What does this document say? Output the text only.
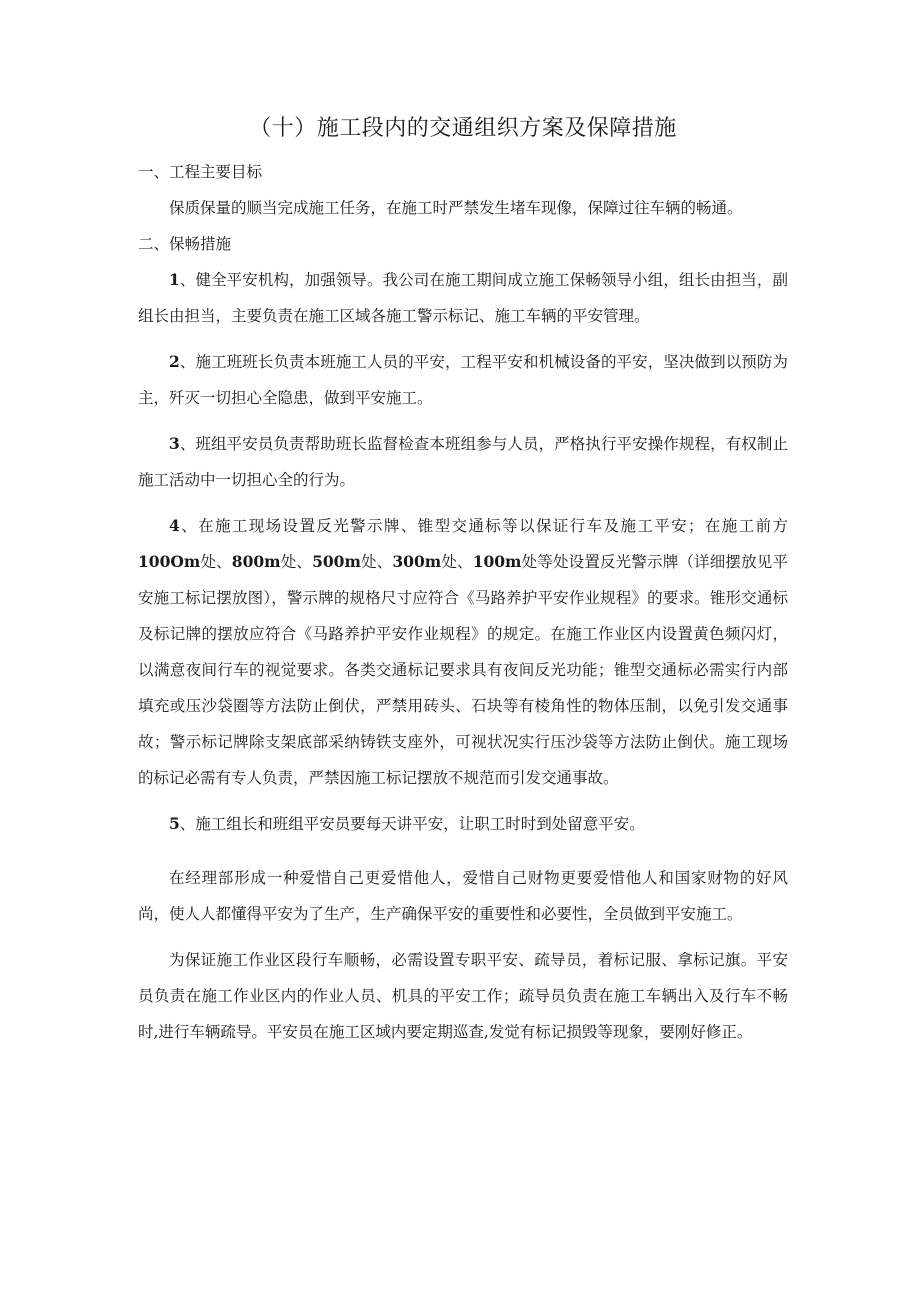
（十）施工段内的交通组织方案及保障措施

一、工程主要目标

保质保量的顺当完成施工任务，在施工时严禁发生堵车现像，保障过往车辆的畅通。

二、保畅措施

1、健全平安机构，加强领导。我公司在施工期间成立施工保畅领导小组，组长由担当，副组长由担当，主要负责在施工区域各施工警示标记、施工车辆的平安管理。

2、施工班班长负责本班施工人员的平安，工程平安和机械设备的平安，坚决做到以预防为主，歼灭一切担心全隐患，做到平安施工。

3、班组平安员负责帮助班长监督检查本班组参与人员，严格执行平安操作规程，有权制止施工活动中一切担心全的行为。

4、在施工现场设置反光警示牌、锥型交通标等以保证行车及施工平安；在施工前方100Om处、800m处、500m处、300m处、100m处等处设置反光警示牌（详细摆放见平安施工标记摆放图），警示牌的规格尺寸应符合《马路养护平安作业规程》的要求。锥形交通标及标记牌的摆放应符合《马路养护平安作业规程》的规定。在施工作业区内设置黄色频闪灯，以满意夜间行车的视觉要求。各类交通标记要求具有夜间反光功能；锥型交通标必需实行内部填充或压沙袋圈等方法防止倒伏，严禁用砖头、石块等有棱角性的物体压制，以免引发交通事故；警示标记牌除支架底部采纳铸铁支座外，可视状况实行压沙袋等方法防止倒伏。施工现场的标记必需有专人负责，严禁因施工标记摆放不规范而引发交通事故。

5、施工组长和班组平安员要每天讲平安，让职工时时到处留意平安。

在经理部形成一种爱惜自己更爱惜他人，爱惜自己财物更要爱惜他人和国家财物的好风尚，使人人都懂得平安为了生产，生产确保平安的重要性和必要性，全员做到平安施工。

为保证施工作业区段行车顺畅，必需设置专职平安、疏导员，着标记服、拿标记旗。平安员负责在施工作业区内的作业人员、机具的平安工作；疏导员负责在施工车辆出入及行车不畅时,进行车辆疏导。平安员在施工区域内要定期巡查,发觉有标记损毁等现象，要刚好修正。
